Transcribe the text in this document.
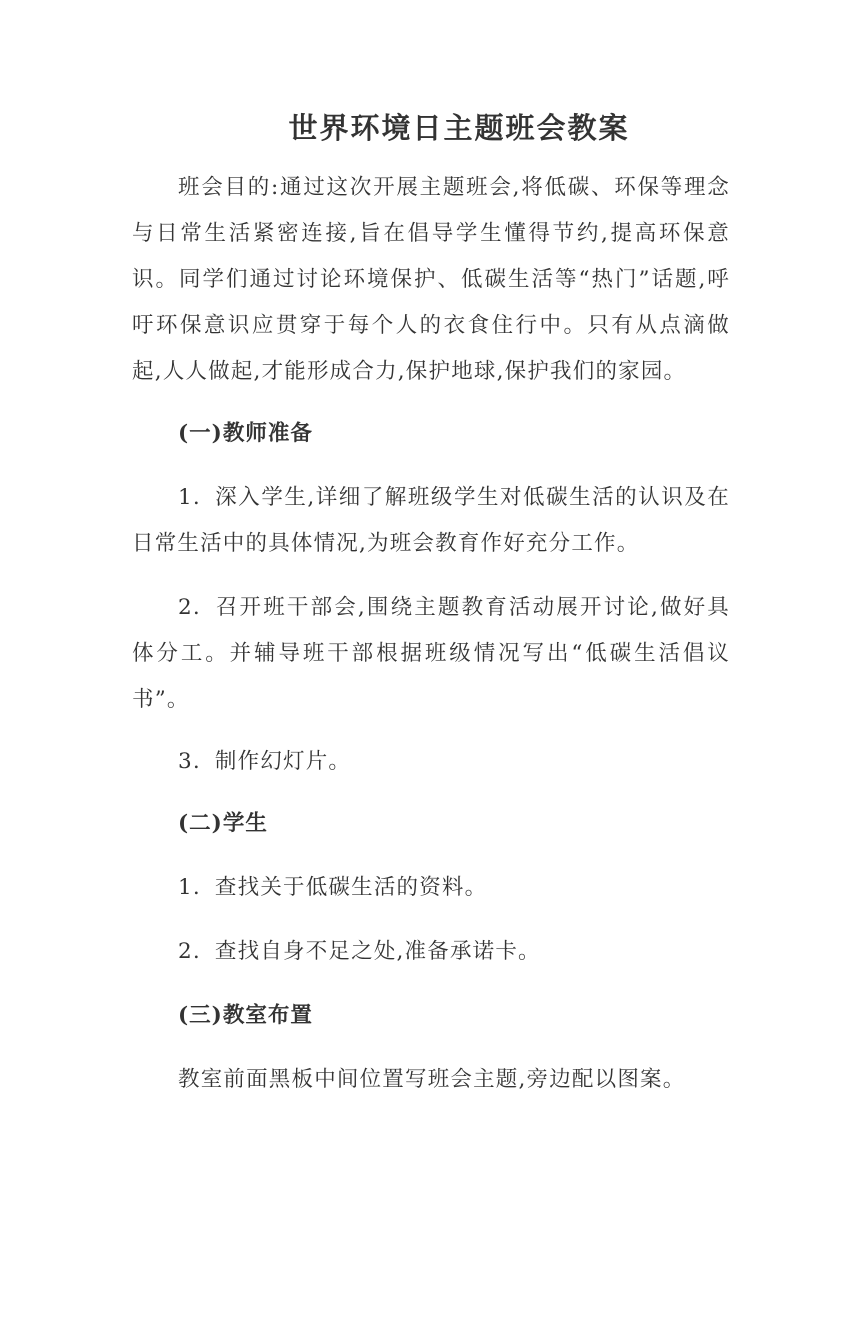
世界环境日主题班会教案

班会目的:通过这次开展主题班会,将低碳、环保等理念与日常生活紧密连接,旨在倡导学生懂得节约,提高环保意识。同学们通过讨论环境保护、低碳生活等“热门”话题,呼吁环保意识应贯穿于每个人的衣食住行中。只有从点滴做起,人人做起,才能形成合力,保护地球,保护我们的家园。

(一)教师准备

1. 深入学生,详细了解班级学生对低碳生活的认识及在日常生活中的具体情况,为班会教育作好充分工作。

2. 召开班干部会,围绕主题教育活动展开讨论,做好具体分工。并辅导班干部根据班级情况写出“低碳生活倡议书”。

3. 制作幻灯片。

(二)学生

1. 查找关于低碳生活的资料。

2. 查找自身不足之处,准备承诺卡。

(三)教室布置

教室前面黑板中间位置写班会主题,旁边配以图案。
